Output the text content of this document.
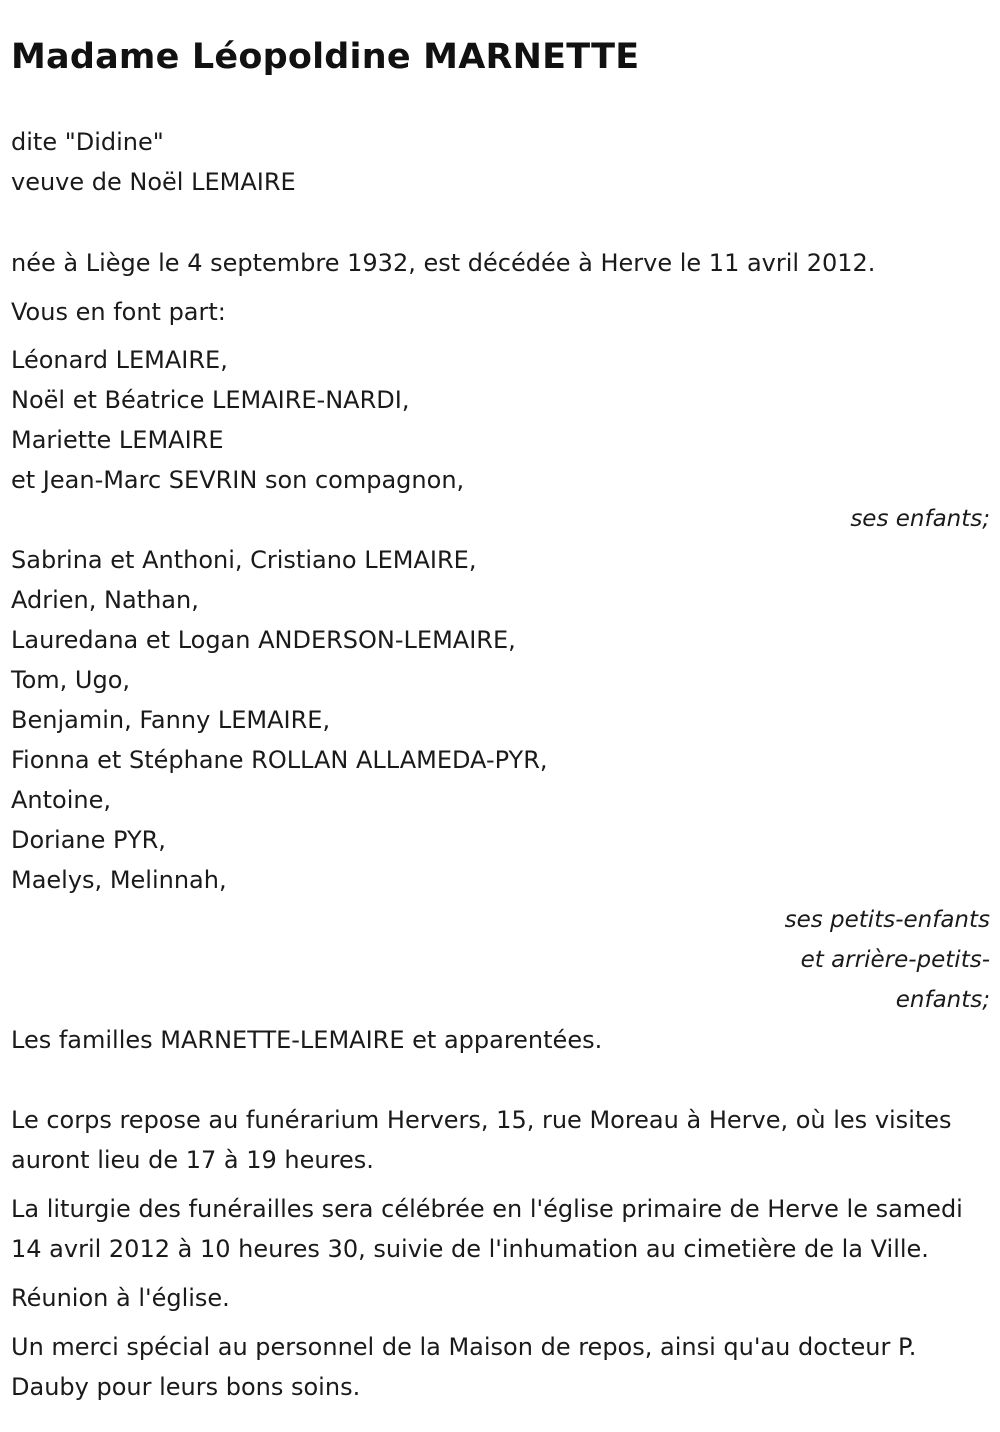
Madame Léopoldine MARNETTE

dite "Didine"

veuve de Noël LEMAIRE

née à Liège le 4 septembre 1932, est décédée à Herve le 11 avril 2012.

Vous en font part:

Léonard LEMAIRE,

Noël et Béatrice LEMAIRE-NARDI,

Mariette LEMAIRE

et Jean-Marc SEVRIN son compagnon,

ses enfants;

Sabrina et Anthoni, Cristiano LEMAIRE,

Adrien, Nathan,

Lauredana et Logan ANDERSON-LEMAIRE,

Tom, Ugo,

Benjamin, Fanny LEMAIRE,

Fionna et Stéphane ROLLAN ALLAMEDA-PYR,

Antoine,

Doriane PYR,

Maelys, Melinnah,

ses petits-enfants

et arrière-petits-

enfants;

Les familles MARNETTE-LEMAIRE et apparentées.

Le corps repose au funérarium Hervers, 15, rue Moreau à Herve, où les visites auront lieu de 17 à 19 heures.

La liturgie des funérailles sera célébrée en l'église primaire de Herve le samedi 14 avril 2012 à 10 heures 30, suivie de l'inhumation au cimetière de la Ville.

Réunion à l'église.

Un merci spécial au personnel de la Maison de repos, ainsi qu'au docteur P. Dauby pour leurs bons soins.
